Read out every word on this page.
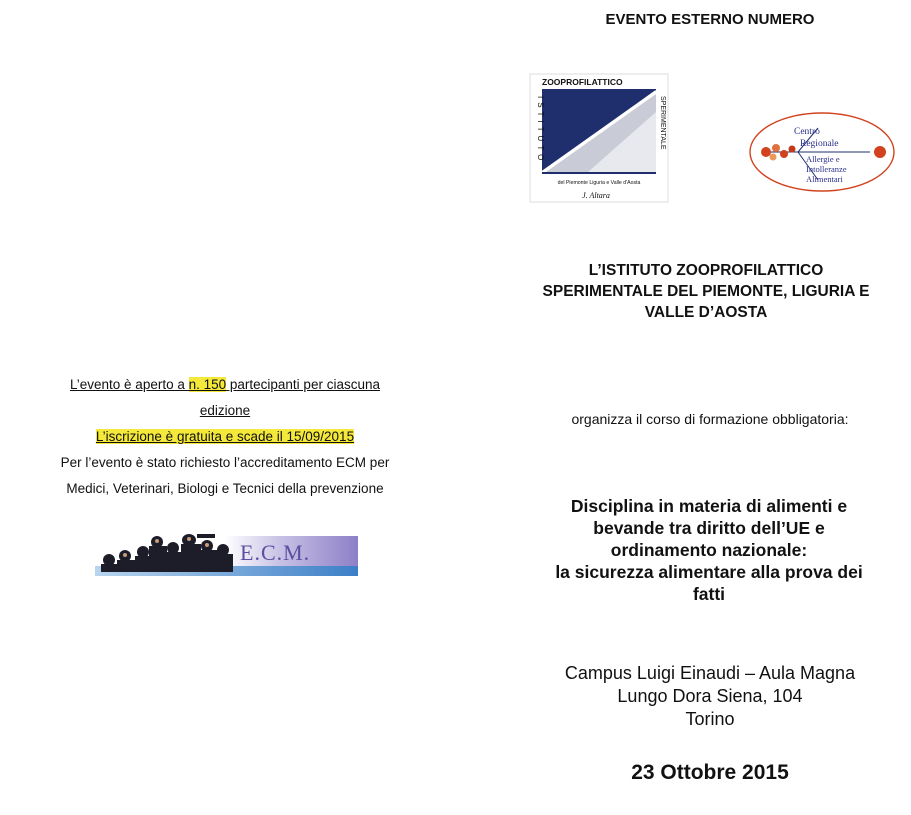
EVENTO ESTERNO NUMERO
ZOOPROFILATTICO
ISTITUTO	SPERIMENTALE
del Piemonte Liguria e Valle d'Aosta
J. Altara
Centro
Regionale
Allergie e
Intolleranze
Alimentari
L’ISTITUTO ZOOPROFILATTICO
SPERIMENTALE DEL PIEMONTE, LIGURIA E
VALLE D’AOSTA
organizza il corso di formazione obbligatoria:
Disciplina in materia di alimenti e
bevande tra diritto dell’UE e
ordinamento nazionale:
la sicurezza alimentare alla prova dei
fatti
Campus Luigi Einaudi – Aula Magna
Lungo Dora Siena, 104
Torino
23 Ottobre 2015
L’evento è aperto a n. 150 partecipanti per ciascuna
edizione
L’iscrizione è gratuita e scade il 15/09/2015
Per l’evento è stato richiesto l’accreditamento ECM per
Medici, Veterinari, Biologi e Tecnici della prevenzione
E.C.M.
